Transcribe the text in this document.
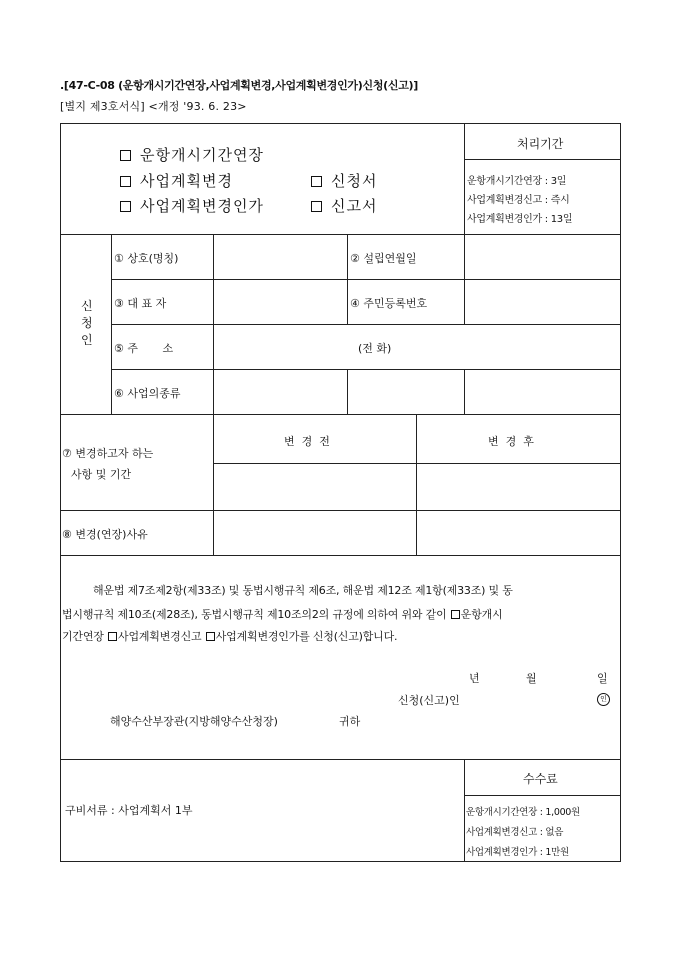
.[47-C-08 (운항개시기간연장,사업계획변경,사업계획변경인가)신청(신고)]
[별지 제3호서식] <개정 '93. 6. 23>
운항개시기간연장
사업계획변경
사업계획변경인가
신청서
신고서
처리기간
운항개시기간연장 : 3일
사업계획변경신고 : 즉시
사업계획변경인가 : 13일
신청인
① 상호(명칭)	② 설립연월일
③ 대 표 자	④ 주민등록번호
⑤ 주       소	(전 화)
⑥ 사업의종류
⑦ 변경하고자 하는
사항 및 기간
변  경  전	변  경  후
⑧ 변경(연장)사유
해운법 제7조제2항(제33조) 및 동법시행규칙 제6조, 해운법 제12조 제1항(제33조) 및 동
법시행규칙 제10조(제28조), 동법시행규칙 제10조의2의 규정에 의하여 위와 같이 운항개시
기간연장 사업계획변경신고 사업계획변경인가를 신청(신고)합니다.
년	월	일
신청(신고)인	인
해양수산부장관(지방해양수산청장)	귀하
구비서류 : 사업계획서 1부
수수료
운항개시기간연장 : 1,000원
사업계획변경신고 : 없음
사업계획변경인가 : 1만원
